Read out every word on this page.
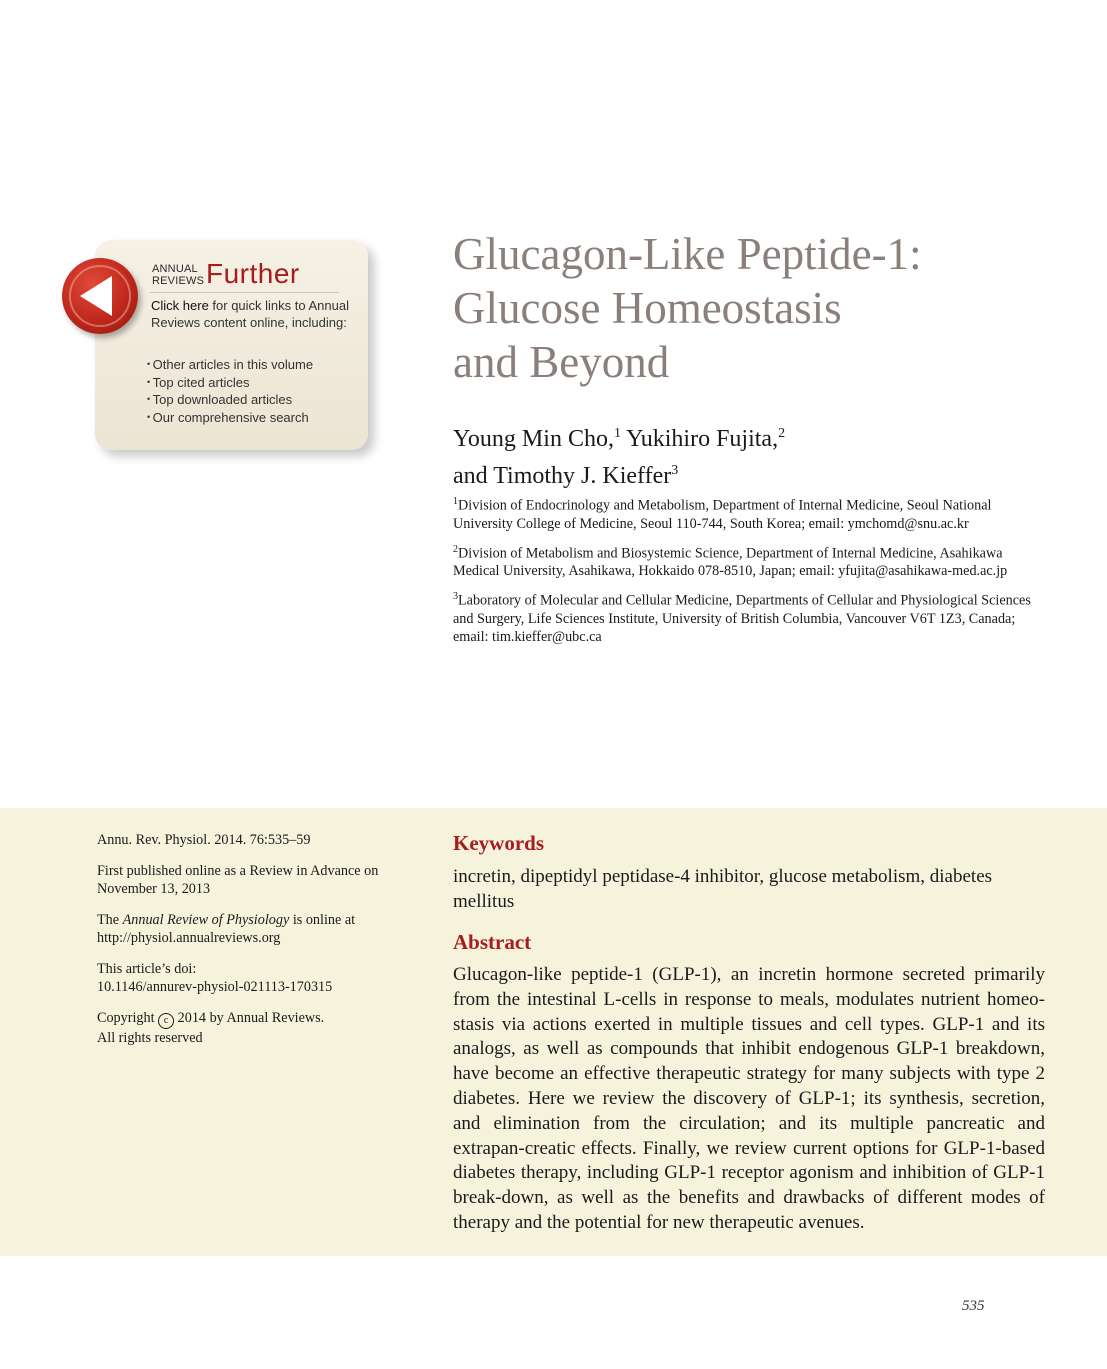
ANNUAL
REVIEWS Further
Click here for quick links to Annual Reviews content online, including:
• Other articles in this volume
• Top cited articles
• Top downloaded articles
• Our comprehensive search
Glucagon-Like Peptide-1:
Glucose Homeostasis
and Beyond

Young Min Cho,$^1$ Yukihiro Fujita,$^2$
and Timothy J. Kieffer$^3$

$^1$Division of Endocrinology and Metabolism, Department of Internal Medicine, Seoul National University College of Medicine, Seoul 110-744, South Korea; email: ymchomd@snu.ac.kr

$^2$Division of Metabolism and Biosystemic Science, Department of Internal Medicine, Asahikawa Medical University, Asahikawa, Hokkaido 078-8510, Japan; email: yfujita@asahikawa-med.ac.jp

$^3$Laboratory of Molecular and Cellular Medicine, Departments of Cellular and Physiological Sciences and Surgery, Life Sciences Institute, University of British Columbia, Vancouver V6T 1Z3, Canada; email: tim.kieffer@ubc.ca

Annu. Rev. Physiol. 2014. 76:535–59

First published online as a Review in Advance on November 13, 2013

The Annual Review of Physiology is online at http://physiol.annualreviews.org

This article’s doi:
10.1146/annurev-physiol-021113-170315

Copyright c 2014 by Annual Reviews.
All rights reserved

Keywords

incretin, dipeptidyl peptidase-4 inhibitor, glucose metabolism, diabetes mellitus

Abstract

Glucagon-like peptide-1 (GLP-1), an incretin hormone secreted primarily from the intestinal L-cells in response to meals, modulates nutrient homeo-stasis via actions exerted in multiple tissues and cell types. GLP-1 and its analogs, as well as compounds that inhibit endogenous GLP-1 breakdown, have become an effective therapeutic strategy for many subjects with type 2 diabetes. Here we review the discovery of GLP-1; its synthesis, secretion, and elimination from the circulation; and its multiple pancreatic and extrapan-creatic effects. Finally, we review current options for GLP-1-based diabetes therapy, including GLP-1 receptor agonism and inhibition of GLP-1 break-down, as well as the benefits and drawbacks of different modes of therapy and the potential for new therapeutic avenues.

535
